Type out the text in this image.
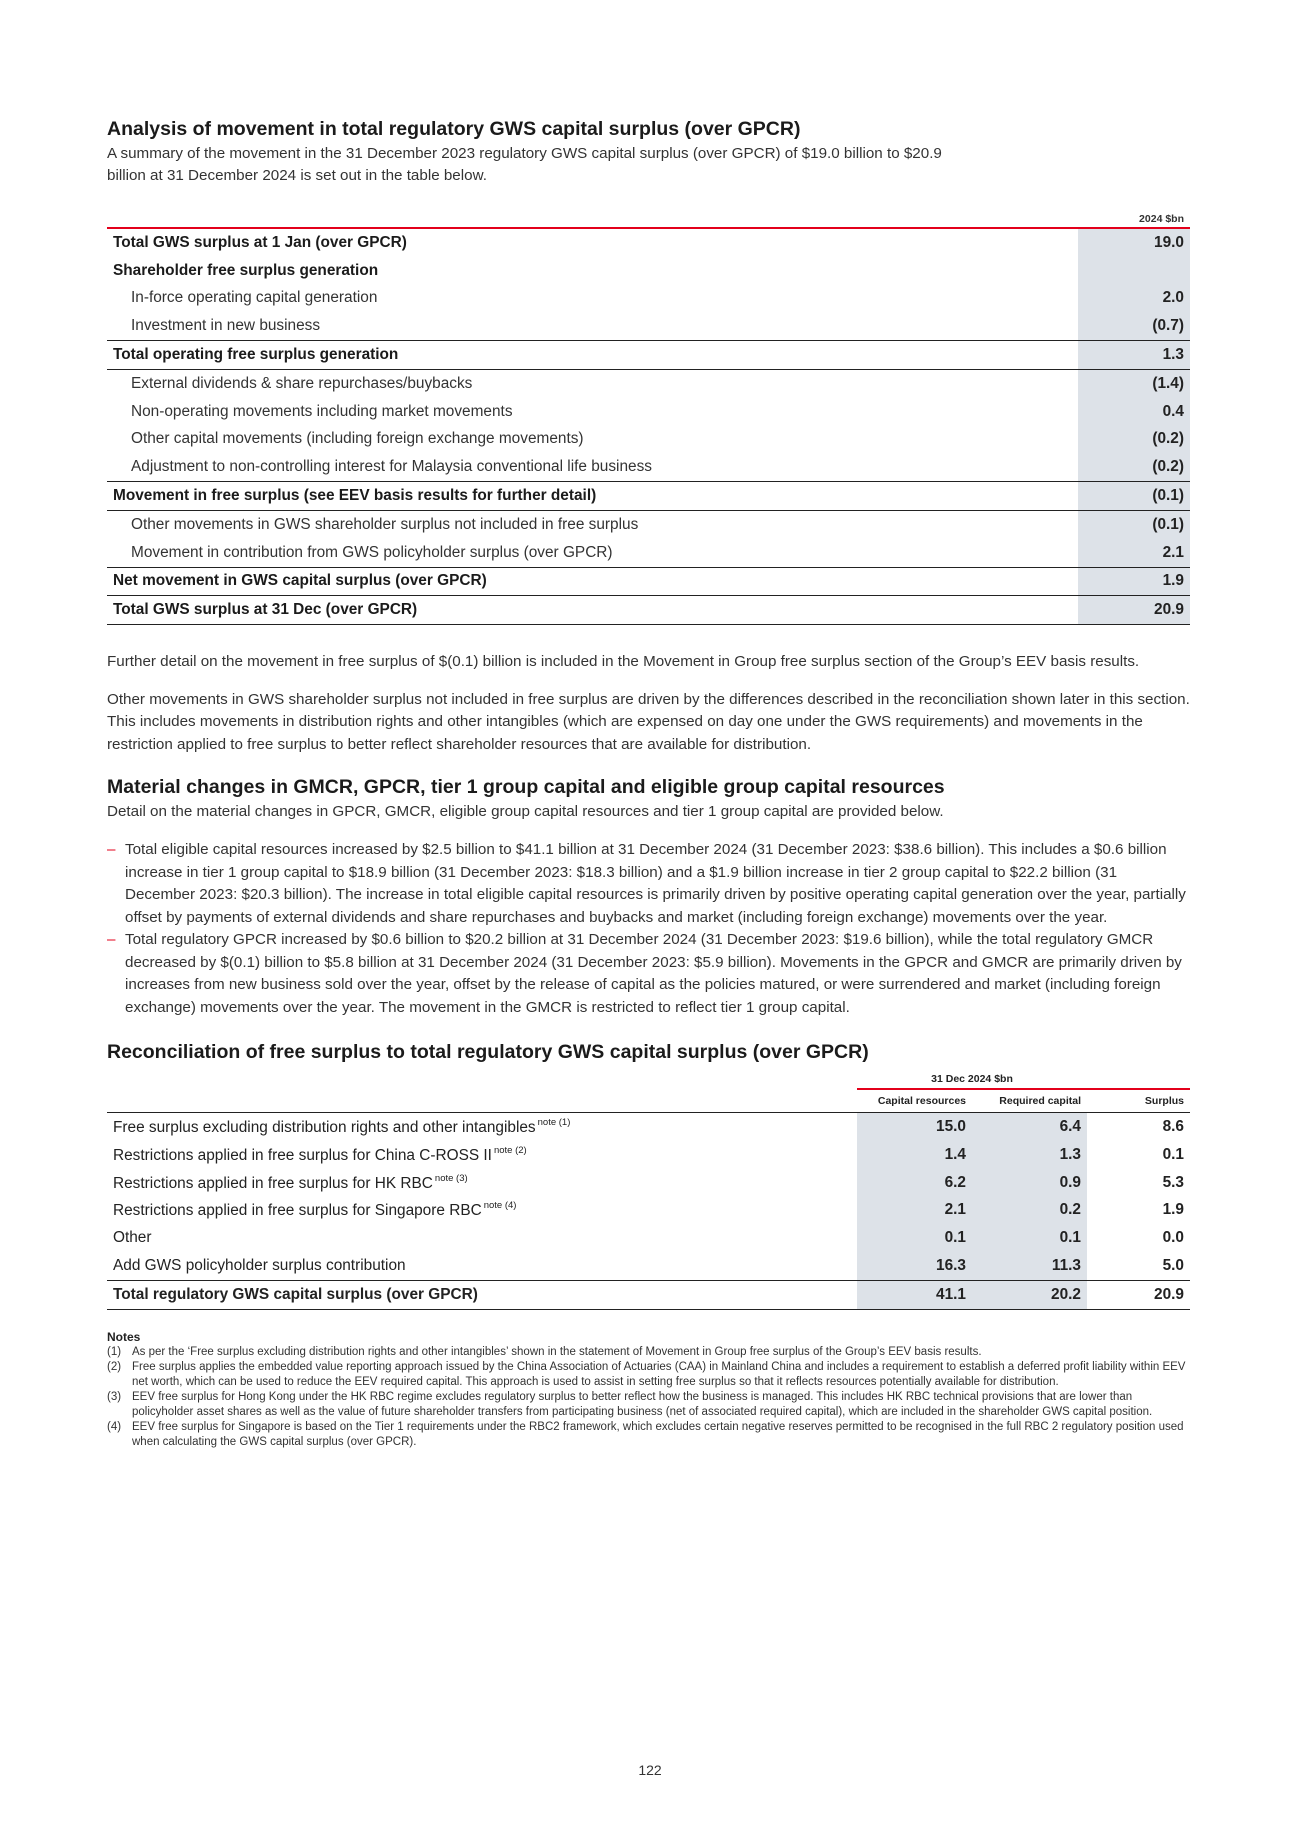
Analysis of movement in total regulatory GWS capital surplus (over GPCR)

A summary of the movement in the 31 December 2023 regulatory GWS capital surplus (over GPCR) of $19.0 billion to $20.9 billion at 31 December 2024 is set out in the table below.

2024 $bn
Total GWS surplus at 1 Jan (over GPCR)	19.0
Shareholder free surplus generation	
In-force operating capital generation	2.0
Investment in new business	(0.7)
Total operating free surplus generation	1.3
External dividends & share repurchases/buybacks	(1.4)
Non-operating movements including market movements	0.4
Other capital movements (including foreign exchange movements)	(0.2)
Adjustment to non-controlling interest for Malaysia conventional life business	(0.2)
Movement in free surplus (see EEV basis results for further detail)	(0.1)
Other movements in GWS shareholder surplus not included in free surplus	(0.1)
Movement in contribution from GWS policyholder surplus (over GPCR)	2.1
Net movement in GWS capital surplus (over GPCR)	1.9
Total GWS surplus at 31 Dec (over GPCR)	20.9

Further detail on the movement in free surplus of $(0.1) billion is included in the Movement in Group free surplus section of the Group’s EEV basis results.

Other movements in GWS shareholder surplus not included in free surplus are driven by the differences described in the reconciliation shown later in this section. This includes movements in distribution rights and other intangibles (which are expensed on day one under the GWS requirements) and movements in the restriction applied to free surplus to better reflect shareholder resources that are available for distribution.

Material changes in GMCR, GPCR, tier 1 group capital and eligible group capital resources

Detail on the material changes in GPCR, GMCR, eligible group capital resources and tier 1 group capital are provided below.

– Total eligible capital resources increased by $2.5 billion to $41.1 billion at 31 December 2024 (31 December 2023: $38.6 billion). This includes a $0.6 billion increase in tier 1 group capital to $18.9 billion (31 December 2023: $18.3 billion) and a $1.9 billion increase in tier 2 group capital to $22.2 billion (31 December 2023: $20.3 billion). The increase in total eligible capital resources is primarily driven by positive operating capital generation over the year, partially offset by payments of external dividends and share repurchases and buybacks and market (including foreign exchange) movements over the year.
– Total regulatory GPCR increased by $0.6 billion to $20.2 billion at 31 December 2024 (31 December 2023: $19.6 billion), while the total regulatory GMCR decreased by $(0.1) billion to $5.8 billion at 31 December 2024 (31 December 2023: $5.9 billion). Movements in the GPCR and GMCR are primarily driven by increases from new business sold over the year, offset by the release of capital as the policies matured, or were surrendered and market (including foreign exchange) movements over the year. The movement in the GMCR is restricted to reflect tier 1 group capital.
Reconciliation of free surplus to total regulatory GWS capital surplus (over GPCR)
	31 Dec 2024 $bn		
	Capital resources	Required capital	Surplus
Free surplus excluding distribution rights and other intangibles $^{note (1)}$	15.0	6.4	8.6
Restrictions applied in free surplus for China C-ROSS II $^{note (2)}$	1.4	1.3	0.1
Restrictions applied in free surplus for HK RBC $^{note (3)}$	6.2	0.9	5.3
Restrictions applied in free surplus for Singapore RBC $^{note (4)}$	2.1	0.2	1.9
Other	0.1	0.1	0.0
Add GWS policyholder surplus contribution	16.3	11.3	5.0
Total regulatory GWS capital surplus (over GPCR)	41.1	20.2	20.9
Notes
(1) As per the ‘Free surplus excluding distribution rights and other intangibles’ shown in the statement of Movement in Group free surplus of the Group’s EEV basis results.
(2) Free surplus applies the embedded value reporting approach issued by the China Association of Actuaries (CAA) in Mainland China and includes a requirement to establish a deferred profit liability within EEV net worth, which can be used to reduce the EEV required capital. This approach is used to assist in setting free surplus so that it reflects resources potentially available for distribution.
(3) EEV free surplus for Hong Kong under the HK RBC regime excludes regulatory surplus to better reflect how the business is managed. This includes HK RBC technical provisions that are lower than policyholder asset shares as well as the value of future shareholder transfers from participating business (net of associated required capital), which are included in the shareholder GWS capital position.
(4) EEV free surplus for Singapore is based on the Tier 1 requirements under the RBC2 framework, which excludes certain negative reserves permitted to be recognised in the full RBC 2 regulatory position used when calculating the GWS capital surplus (over GPCR).
122
